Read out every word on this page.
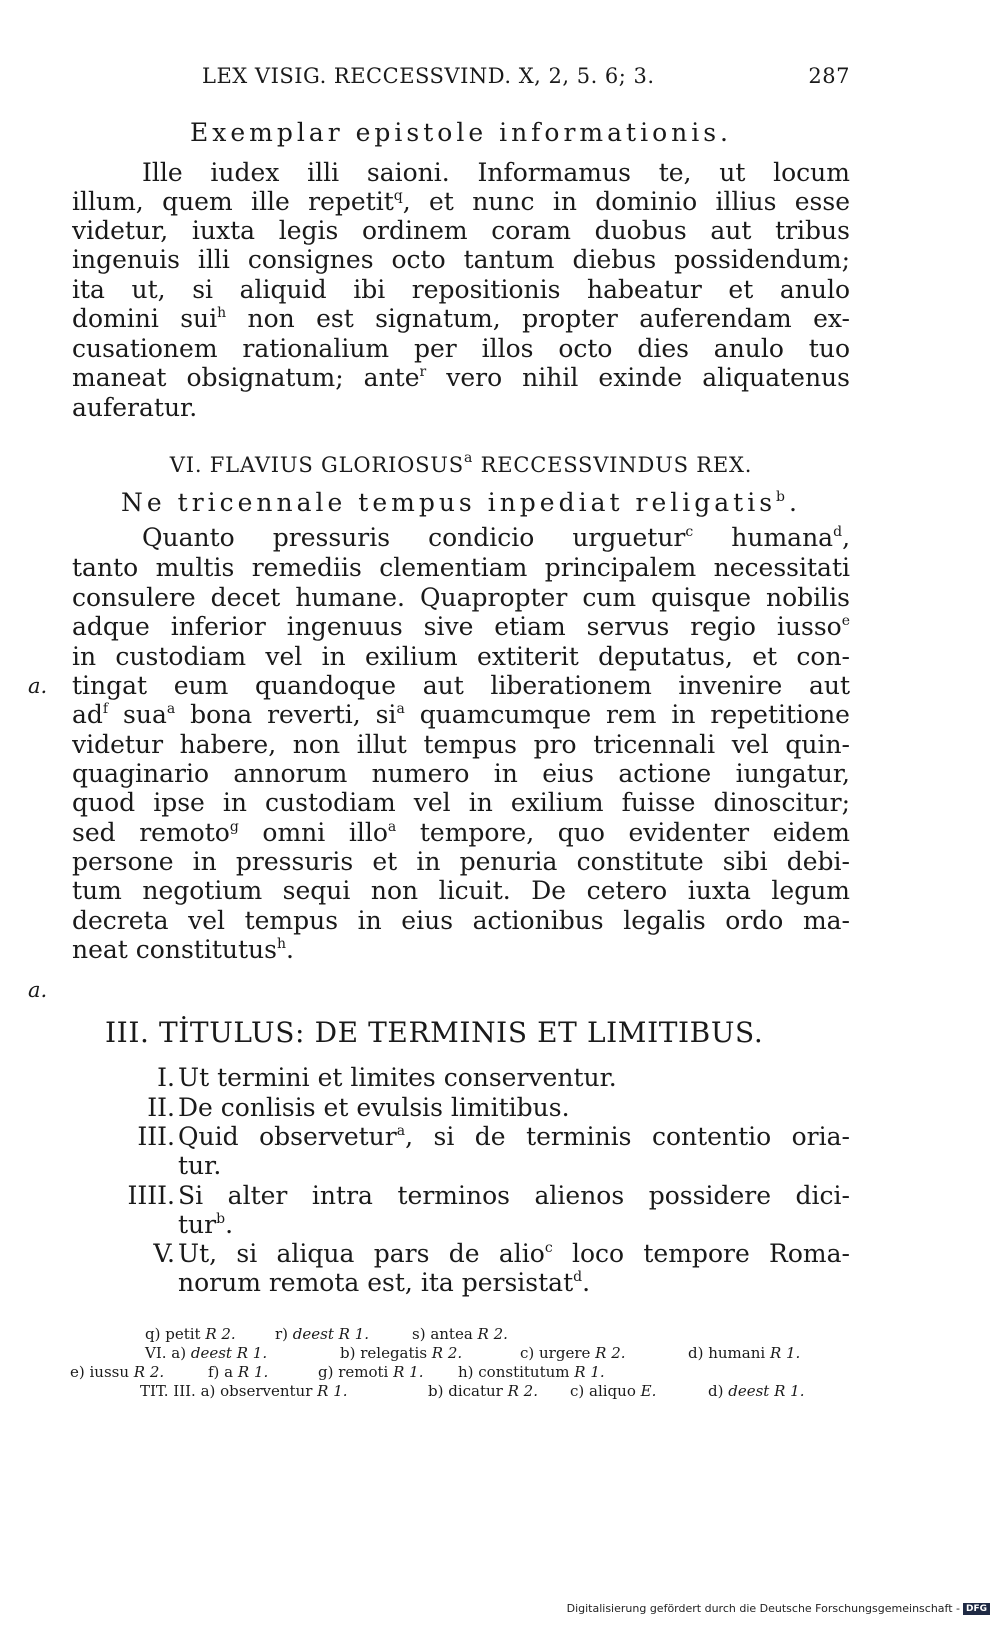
LEX VISIG. RECCESSVIND. X, 2, 5. 6; 3.	287
Exemplar epistole informationis.
Ille iudex illi saioni. Informamus te, ut locum
illum, quem ille repetit$^q$, et nunc in dominio illius esse
videtur, iuxta legis ordinem coram duobus aut tribus
ingenuis illi consignes octo tantum diebus possidendum;
ita ut, si aliquid ibi repositionis habeatur et anulo
domini sui$^h$ non est signatum, propter auferendam ex-
cusationem rationalium per illos octo dies anulo tuo
maneat obsignatum; ante$^r$ vero nihil exinde aliquatenus
auferatur.
VI. FLAVIUS GLORIOSUS$^a$ RECCESSVINDUS REX.
Ne tricennale tempus inpediat religatis$^b$.
Quanto pressuris condicio urguetur$^c$ humana$^d$,
tanto multis remediis clementiam principalem necessitati
consulere decet humane. Quapropter cum quisque nobilis
adque inferior ingenuus sive etiam servus regio iusso$^e$
in custodiam vel in exilium extiterit deputatus, et con-
a. tingat eum quandoque aut liberationem invenire aut
$ad^f$ sua$^a$ bona reverti, $si^a$ quamcumque rem in repetitione
videtur habere, non illut tempus pro tricennali vel quin-
quaginario annorum numero in eius actione iungatur,
quod ipse in custodiam vel in exilium fuisse dinoscitur;
sed remoto$^g$ omni illo$^a$ tempore, quo evidenter eidem
persone in pressuris et in penuria constitute sibi debi-
tum negotium sequi non licuit. De cetero iuxta legum
decreta vel tempus in eius actionibus legalis ordo ma-
neat constitutus$^h$.
a.
III. TİTULUS: DE TERMINIS ET LIMITIBUS.
I. Ut termini et limites conserventur.
II. De conlisis et evulsis limitibus.
III. Quid observetur$^a$, si de terminis contentio oria-
tur.
IIII. Si alter intra terminos alienos possidere dici-
tur$^b$.
V. Ut, si aliqua pars de alio$^c$ loco tempore Roma-
norum remota est, ita persistat$^d$.
q) petit R 2.	r) deest R 1.	s) antea R 2.
VI. a) deest R 1.	b) relegatis R 2.	c) urgere R 2.	d) humani R 1.
e) iussu R 2.	f) a R 1.	g) remoti R 1. h) constitutum R 1.
TIT. III. a) observentur R 1.	b) dicatur R 2. c) aliquo E.	d) deest R 1.
Digitalisierung gefördert durch die Deutsche Forschungsgemeinschaft - DFG
